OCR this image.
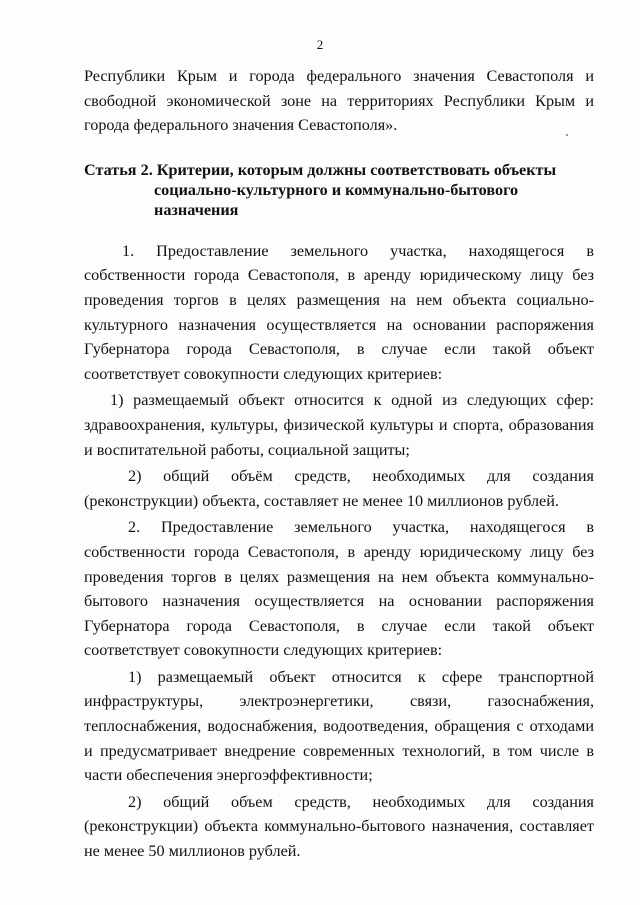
2

Республики Крым и города федерального значения Севастополя и свободной экономической зоне на территориях Республики Крым и города федерального значения Севастополя».

Статья 2. Критерии, которым должны соответствовать объекты
социально-культурного и коммунально-бытового назначения

1. Предоставление земельного участка, находящегося в собственности города Севастополя, в аренду юридическому лицу без проведения торгов в целях размещения на нем объекта социально-культурного назначения осуществляется на основании распоряжения Губернатора города Севастополя, в случае если такой объект соответствует совокупности следующих критериев:

1) размещаемый объект относится к одной из следующих сфер: здравоохранения, культуры, физической культуры и спорта, образования и воспитательной работы, социальной защиты;

2) общий объём средств, необходимых для создания (реконструкции) объекта, составляет не менее 10 миллионов рублей.

2. Предоставление земельного участка, находящегося в собственности города Севастополя, в аренду юридическому лицу без проведения торгов в целях размещения на нем объекта коммунально-бытового назначения осуществляется на основании распоряжения Губернатора города Севастополя, в случае если такой объект соответствует совокупности следующих критериев:

1) размещаемый объект относится к сфере транспортной инфраструктуры, электроэнергетики, связи, газоснабжения, теплоснабжения, водоснабжения, водоотведения, обращения с отходами и предусматривает внедрение современных технологий, в том числе в части обеспечения энергоэффективности;

2) общий объем средств, необходимых для создания (реконструкции) объекта коммунально-бытового назначения, составляет не менее 50 миллионов рублей.
